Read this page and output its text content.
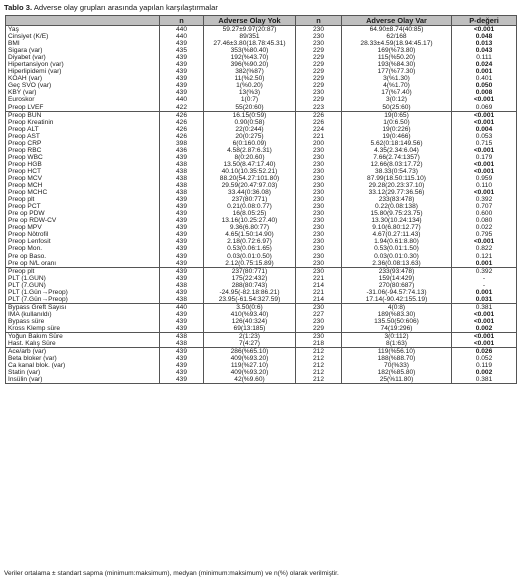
Tablo 3. Adverse olay grupları arasında yapılan karşılaştırmalar
	n	Adverse Olay Yok	n	Adverse Olay Var	P-değeri
Yaş	440	59.27±9.97(20:87)	230	64.90±8.74(40:85)	<0.001
Cinsiyet (K/E)	440	89/351	230	62/168	0.048
BMI	439	27.46±3.80(18.78:45.31)	230	28.33±4.59(18.94:45.17)	0.013
Sigara (var)	435	353(%80.40)	229	169(%73.80)	0.043
Diyabet (var)	439	192(%43.70)	229	115(%50.20)	0.111
Hipertansiyon (var)	439	396(%90.20)	229	193(%84.30)	0.024
Hiperlipidemi (var)	439	382(%87)	229	177(%77.30)	0.001
KOAH (var)	439	11(%2.50)	229	3(%1.30)	0.401
Geç SVO (var)	439	1(%0.20)	229	4(%1.70)	0.050
KBY (var)	439	13(%3)	230	17(%7.40)	0.008
Euroskor	440	1(0:7)	229	3(0:12)	<0.001
Preop LVEF	422	55(20:60)	223	50(25:60)	0.069
Preop BUN	426	16.15(0:59)	226	19(0:65)	<0.001
Preop Kreatinin	426	0.90(0:58)	226	1(0:6.50)	<0.001
Preop ALT	426	22(0:244)	224	19(0:226)	0.004
Preop AST	426	20(0:275)	221	19(0:466)	0.053
Preop CRP	398	6(0:160.09)	200	5.62(0:18:149.56)	0.715
Preop RBC	436	4.58(2.87:6.31)	230	4.35(2.34:6.04)	<0.001
Preop WBC	439	8(0:20.60)	230	7.66(2.74:1357)	0.179
Preop HGB	438	13.50(8.47:17.40)	230	12.66(8.03:17.72)	<0.001
Preop HCT	438	40.10(10.35:52.21)	230	38.33(0:54.73)	<0.001
Preop MCV	438	88.20(54.27:101.80)	230	87.99(18.50:115.10)	0.959
Preop MCH	438	29.59(20.47:97.03)	230	29.28(20.23:37.10)	0.110
Preop MCHC	438	33.44(0:36.08)	230	33.12(29.77:36.56)	<0.001
Preop plt	439	237(80:771)	230	233(83:478)	0.392
Preop PCT	439	0.21(0.08:0.77)	230	0.22(0.08:138)	0.707
Pre op PDW	439	16(8.05:25)	230	15.80(9.75:23.75)	0.600
Pre op RDW-CV	439	13.16(10.25:27.40)	230	13.30(10.24:134)	0.080
Preop MPV	439	9.36(6.80:77)	230	9.10(6.80:12.77)	0.022
Preop Nötrofil	439	4.65(1.50:14.90)	230	4.67(0.27:11.43)	0.795
Preop Lenfosit	439	2.18(0.72:6.97)	230	1.94(0.61:8.80)	<0.001
Preop Mon.	439	0.53(0.06:1.65)	230	0.53(0.01:1.50)	0.822
Pre op Baso.	439	0.03(0.01:0.50)	230	0.03(0.01:0.30)	0.121
Pre op N/L oranı	439	2.12(0.75:15.89)	230	2.36(0.08:13.63)	0.001
Preop plt	439	237(80:771)	230	233(93:478)	0.392
PLT (1.GÜN)	439	175(22:432)	221	159(14:429)	-
PLT (7.GÜN)	438	288(80:743)	214	270(80:687)	-
PLT (1.Gün→Preop)	439	-24.95(-82.18:86.21)	221	-31.06(-94.57:74.13)	0.001
PLT (7.Gün→Preop)	438	23.95(-61.54:327.59)	214	17.14(-90.42:155.19)	0.031
Bypass Greft Sayısı	440	3.50(0:6)	230	4(0:8)	0.381
IMA (kullanıldı)	439	410(%93.40)	227	189(%83.30)	<0.001
Bypass süre	439	126(40:324)	230	135.50(50:606)	<0.001
Kross Klemp süre	439	69(13:185)	229	74(19:296)	0.002
Yoğun Bakım Süre	438	2(1:23)	230	3(0:112)	<0.001
Hast. Kalış Süre	438	7(4:27)	218	8(1:63)	<0.001
Ace/arb (var)	439	286(%65.10)	212	119(%56.10)	0.026
Beta bloker (var)	439	409(%93.20)	212	188(%88.70)	0.052
Ca kanal blok. (var)	439	119(%27.10)	212	70(%33)	0.119
Statin (var)	439	409(%93.20)	212	182(%85.80)	0.002
İnsülin (var)	439	42(%9.60)	212	25(%11.80)	0.381
Veriler ortalama ± standart sapma (minimum:maksimum), medyan (minimum:maksimum) ve n(%) olarak verilmiştir.
